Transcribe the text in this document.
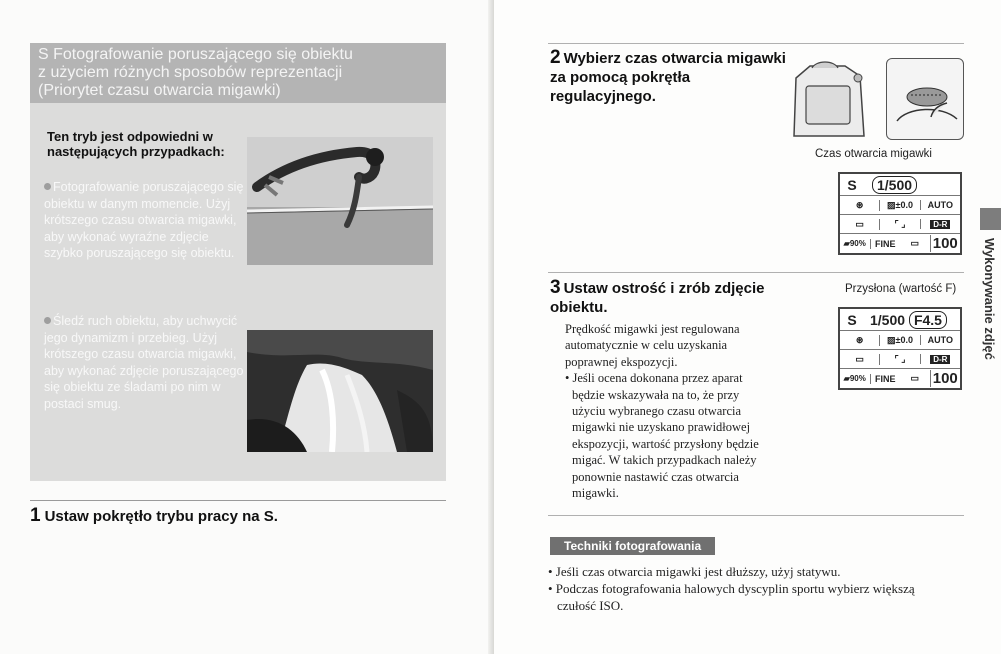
S Fotografowanie poruszającego się obiektu
z użyciem różnych sposobów reprezentacji
(Priorytet czasu otwarcia migawki)
Ten tryb jest odpowiedni w następujących przypadkach:
Fotografowanie poruszającego się obiektu w danym momencie. Użyj krótszego czasu otwarcia migawki, aby wykonać wyraźne zdjęcie szybko poruszającego się obiektu.
Śledź ruch obiektu, aby uchwycić jego dynamizm i przebieg. Użyj krótszego czasu otwarcia migawki, aby wykonać zdjęcie poruszającego się obiektu ze śladami po nim w postaci smug.
1 Ustaw pokrętło trybu pracy na S.
2 Wybierz czas otwarcia migawki za pomocą pokrętła regulacyjnego.
Czas otwarcia migawki
S	1/500
⊛	▨±0.0	AUTO
▭	⌜ ⌟	D-R
▰90%	FINE	▭ 100 Wykonywanie zdjęć
3 Ustaw ostrość i zrób zdjęcie obiektu.

Prędkość migawki jest regulowana automatycznie w celu uzyskania poprawnej ekspozycji.

• Jeśli ocena dokonana przez aparat będzie wskazywała na to, że przy użyciu wybranego czasu otwarcia migawki nie uzyskano prawidłowej ekspozycji, wartość przysłony będzie migać. W takich przypadkach należy ponownie nastawić czas otwarcia migawki.
Przysłona (wartość F)
S 1/500 F4.5
⊛	▨±0.0	AUTO
▭	⌜ ⌟	D-R
▰90%	FINE	▭ 100
Techniki fotografowania
• Jeśli czas otwarcia migawki jest dłuższy, użyj statywu.
• Podczas fotografowania halowych dyscyplin sportu wybierz większą czułość ISO.
